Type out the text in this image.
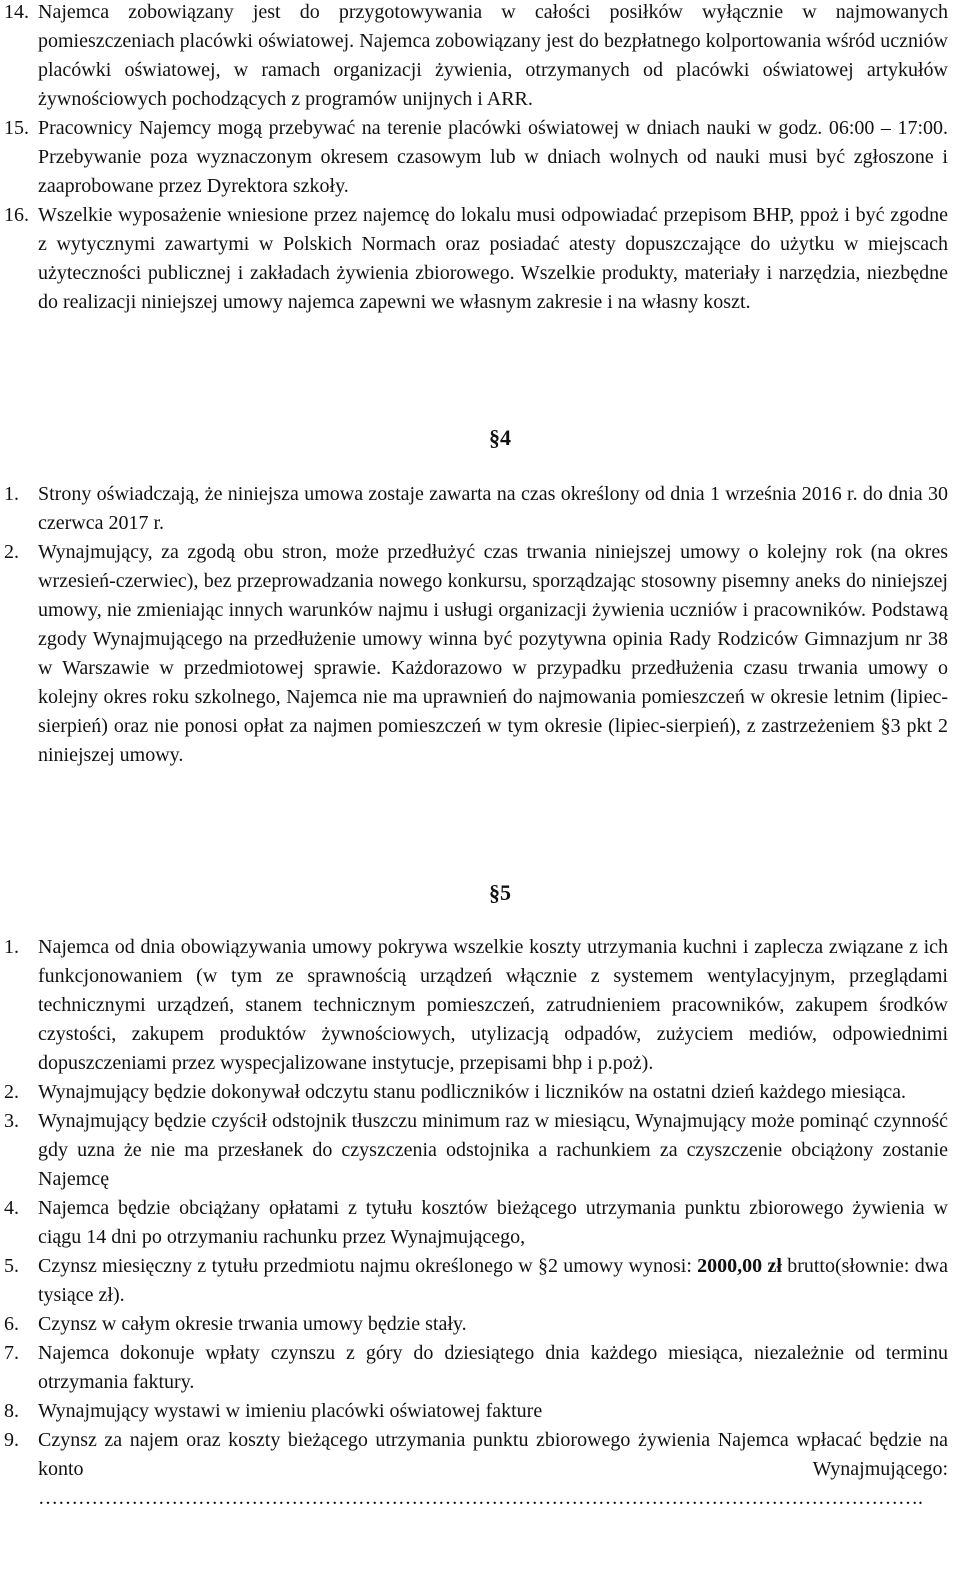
14. Najemca zobowiązany jest do przygotowywania w całości posiłków wyłącznie w najmowanych pomieszczeniach placówki oświatowej. Najemca zobowiązany jest do bezpłatnego kolportowania wśród uczniów placówki oświatowej, w ramach organizacji żywienia, otrzymanych od placówki oświatowej artykułów żywnościowych pochodzących z programów unijnych i ARR.
15. Pracownicy Najemcy mogą przebywać na terenie placówki oświatowej w dniach nauki w godz. 06:00 – 17:00. Przebywanie poza wyznaczonym okresem czasowym lub w dniach wolnych od nauki musi być zgłoszone i zaaprobowane przez Dyrektora szkoły.
16. Wszelkie wyposażenie wniesione przez najemcę do lokalu musi odpowiadać przepisom BHP, ppoż i być zgodne z wytycznymi zawartymi w Polskich Normach oraz posiadać atesty dopuszczające do użytku w miejscach użyteczności publicznej i zakładach żywienia zbiorowego. Wszelkie produkty, materiały i narzędzia, niezbędne do realizacji niniejszej umowy najemca zapewni we własnym zakresie i na własny koszt.
§4
1. Strony oświadczają, że niniejsza umowa zostaje zawarta na czas określony od dnia 1 września 2016 r. do dnia 30 czerwca 2017 r.
2. Wynajmujący, za zgodą obu stron, może przedłużyć czas trwania niniejszej umowy o kolejny rok (na okres wrzesień-czerwiec), bez przeprowadzania nowego konkursu, sporządzając stosowny pisemny aneks do niniejszej umowy, nie zmieniając innych warunków najmu i usługi organizacji żywienia uczniów i pracowników. Podstawą zgody Wynajmującego na przedłużenie umowy winna być pozytywna opinia Rady Rodziców Gimnazjum nr 38 w Warszawie w przedmiotowej sprawie. Każdorazowo w przypadku przedłużenia czasu trwania umowy o kolejny okres roku szkolnego, Najemca nie ma uprawnień do najmowania pomieszczeń w okresie letnim (lipiec-sierpień) oraz nie ponosi opłat za najmen pomieszczeń w tym okresie (lipiec-sierpień), z zastrzeżeniem §3 pkt 2 niniejszej umowy.
§5
1. Najemca od dnia obowiązywania umowy pokrywa wszelkie koszty utrzymania kuchni i zaplecza związane z ich funkcjonowaniem (w tym ze sprawnością urządzeń włącznie z systemem wentylacyjnym, przeglądami technicznymi urządzeń, stanem technicznym pomieszczeń, zatrudnieniem pracowników, zakupem środków czystości, zakupem produktów żywnościowych, utylizacją odpadów, zużyciem mediów, odpowiednimi dopuszczeniami przez wyspecjalizowane instytucje, przepisami bhp i p.poż).
2. Wynajmujący będzie dokonywał odczytu stanu podliczników i liczników na ostatni dzień każdego miesiąca.
3. Wynajmujący będzie czyścił odstojnik tłuszczu minimum raz w miesiącu, Wynajmujący może pominąć czynność gdy uzna że nie ma przesłanek do czyszczenia odstojnika a rachunkiem za czyszczenie obciążony zostanie Najemcę
4. Najemca będzie obciążany opłatami z tytułu kosztów bieżącego utrzymania punktu zbiorowego żywienia w ciągu 14 dni po otrzymaniu rachunku przez Wynajmującego,
5. Czynsz miesięczny z tytułu przedmiotu najmu określonego w §2 umowy wynosi: 2000,00 zł brutto(słownie: dwa tysiące zł).
6. Czynsz w całym okresie trwania umowy będzie stały.
7. Najemca dokonuje wpłaty czynszu z góry do dziesiątego dnia każdego miesiąca, niezależnie od terminu otrzymania faktury.
8. Wynajmujący wystawi w imieniu placówki oświatowej fakture
9. Czynsz za najem oraz koszty bieżącego utrzymania punktu zbiorowego żywienia Najemca wpłacać będzie na konto Wynajmującego:
…………………………………………………………………………………………………………………….
